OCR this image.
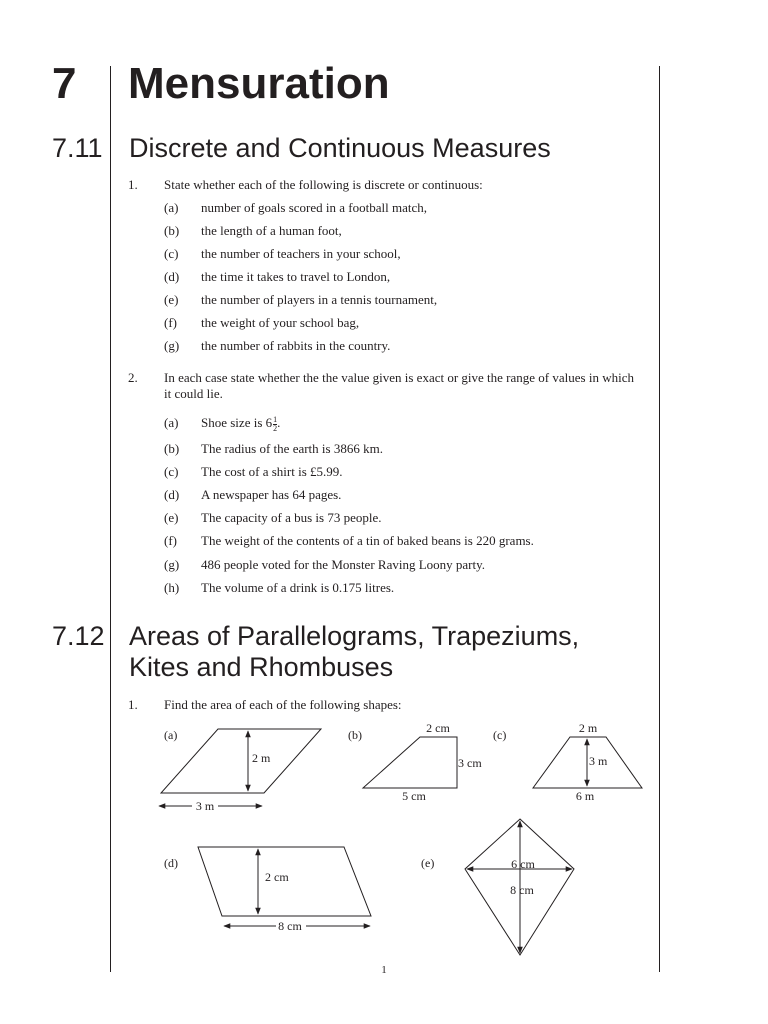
7 Mensuration
7.11 Discrete and Continuous Measures
1. State whether each of the following is discrete or continuous:
(a) number of goals scored in a football match,
(b) the length of a human foot,
(c) the number of teachers in your school,
(d) the time it takes to travel to London,
(e) the number of players in a tennis tournament,
(f) the weight of your school bag,
(g) the number of rabbits in the country.
2. In each case state whether the the value given is exact or give the range of values in which it could lie.
(a) Shoe size is $6 \frac{1}{2}$ .
(b) The radius of the earth is 3866 km.
(c) The cost of a shirt is £5.99.
(d) A newspaper has 64 pages.
(e) The capacity of a bus is 73 people.
(f) The weight of the contents of a tin of baked beans is 220 grams.
(g) 486 people voted for the Monster Raving Loony party.
(h) The volume of a drink is 0.175 litres.
7.12 Areas of Parallelograms, Trapeziums,
Kites and Rhombuses
1. Find the area of each of the following shapes:
(a)
2 m
3 m
(b)	2 cm
3 cm
5 cm
(c)	2 m
3 m
6 m
(d)
2 cm
8 cm
(e)	6 cm
8 cm
1
